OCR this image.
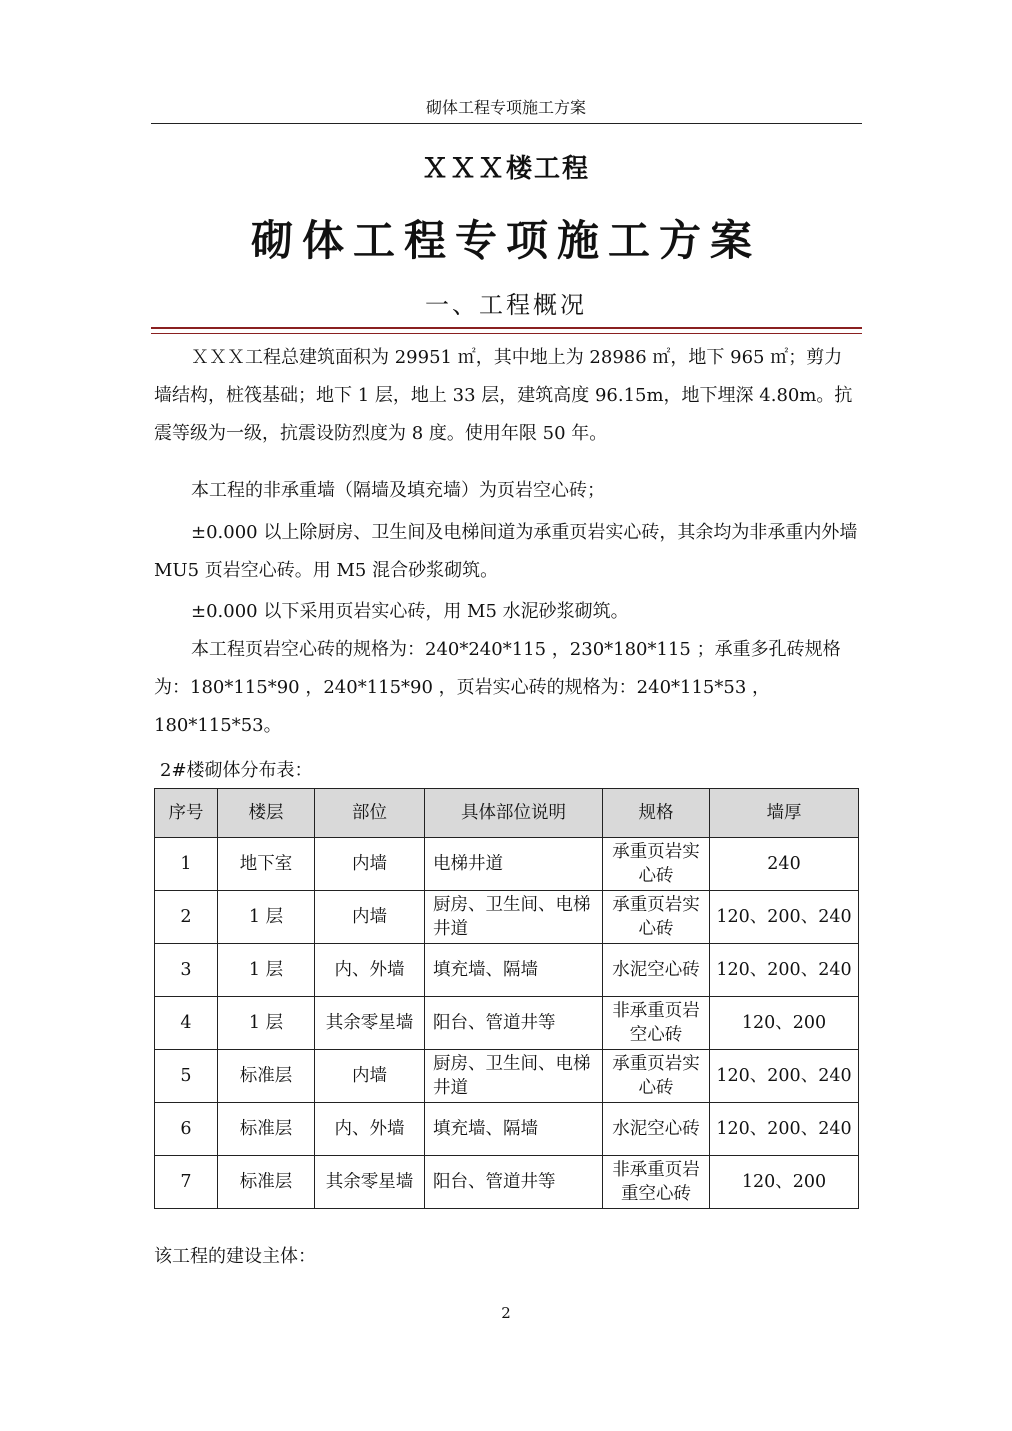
砌体工程专项施工方案
ＸＸＸ楼工程
砌体工程专项施工方案
一、工程概况

ＸＸＸ工程总建筑面积为 29951 ㎡，其中地上为 28986 ㎡，地下 965 ㎡；剪力墙结构，桩筏基础；地下 1 层，地上 33 层，建筑高度 96.15m，地下埋深 4.80m。抗震等级为一级，抗震设防烈度为 8 度。使用年限 50 年。

本工程的非承重墙（隔墙及填充墙）为页岩空心砖；

±0.000 以上除厨房、卫生间及电梯间道为承重页岩实心砖，其余均为非承重内外墙 MU5 页岩空心砖。用 M5 混合砂浆砌筑。

±0.000 以下采用页岩实心砖，用 M5 水泥砂浆砌筑。

本工程页岩空心砖的规格为：240*240*115 ，230*180*115 ；承重多孔砖规格为：180*115*90 ，240*115*90 ，页岩实心砖的规格为：240*115*53 ，180*115*53。

2#楼砌体分布表：

序号	楼层	部位	具体部位说明	规格	墙厚
1	地下室	内墙	电梯井道	承重页岩实心砖	240
2	1 层	内墙	厨房、卫生间、电梯井道	承重页岩实心砖	120、200、240
3	1 层	内、外墙	填充墙、隔墙	水泥空心砖	120、200、240
4	1 层	其余零星墙	阳台、管道井等	非承重页岩空心砖	120、200
5	标准层	内墙	厨房、卫生间、电梯井道	承重页岩实心砖	120、200、240
6	标准层	内、外墙	填充墙、隔墙	水泥空心砖	120、200、240
7	标准层	其余零星墙	阳台、管道井等	非承重页岩重空心砖	120、200

该工程的建设主体：

2
